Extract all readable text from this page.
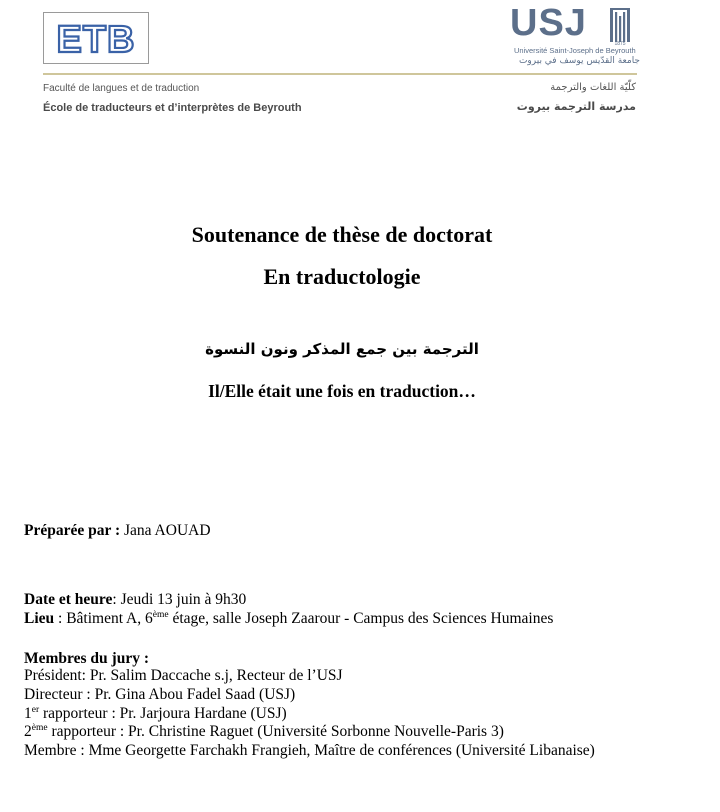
ETB	USJ	1875
Université Saint-Joseph de Beyrouth
جامعة القدّيس يوسف في بيروت
Faculté de langues et de traduction
École de traducteurs et d’interprètes de Beyrouth
كلّيّة اللغات والترجمة
مدرسة الترجمة بيروت
Soutenance de thèse de doctorat
En traductologie
الترجمة بين جمع المذكر ونون النسوة
Il/Elle était une fois en traduction…
Préparée par : Jana AOUAD
Date et heure: Jeudi 13 juin à 9h30
Lieu : Bâtiment A, 6ème étage, salle Joseph Zaarour - Campus des Sciences Humaines
Membres du jury :
Président: Pr. Salim Daccache s.j, Recteur de l’USJ
Directeur : Pr. Gina Abou Fadel Saad (USJ)
1er rapporteur : Pr. Jarjoura Hardane (USJ)
2ème rapporteur : Pr. Christine Raguet (Université Sorbonne Nouvelle-Paris 3)
Membre : Mme Georgette Farchakh Frangieh, Maître de conférences (Université Libanaise)
